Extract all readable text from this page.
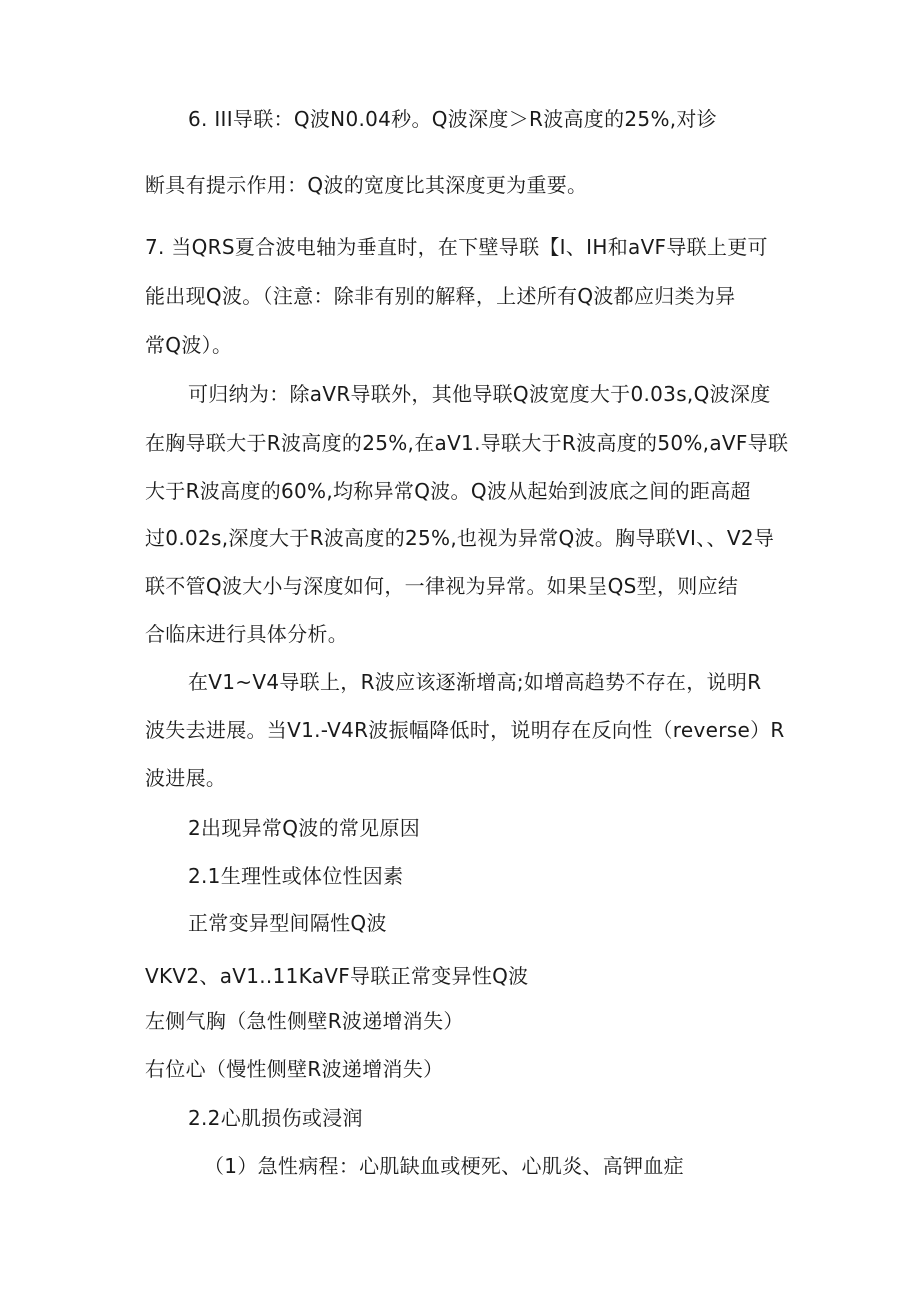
6. III导联：Q波N0.04秒。Q波深度＞R波高度的25%,对诊
断具有提示作用：Q波的宽度比其深度更为重要。
7. 当QRS夏合波电轴为垂直时，在下壁导联【I、IH和aVF导联上更可
能出现Q波。（注意：除非有别的解释，上述所有Q波都应归类为异
常Q波）。
可归纳为：除aVR导联外，其他导联Q波宽度大于0.03s,Q波深度
在胸导联大于R波高度的25%,在aV1.导联大于R波高度的50%,aVF导联
大于R波高度的60%,均称异常Q波。Q波从起始到波底之间的距高超
过0.02s,深度大于R波高度的25%,也视为异常Q波。胸导联VI、、V2导
联不管Q波大小与深度如何，一律视为异常。如果呈QS型，则应结
合临床进行具体分析。
在V1~V4导联上，R波应该逐渐增高;如增高趋势不存在，说明R
波失去进展。当V1.-V4R波振幅降低时，说明存在反向性（reverse）R
波进展。
2出现异常Q波的常见原因
2.1生理性或体位性因素
正常变异型间隔性Q波
VKV2、aV1..11KaVF导联正常变异性Q波
左侧气胸（急性侧壁R波递增消失）
右位心（慢性侧壁R波递增消失）
2.2心肌损伤或浸润
（1）急性病程：心肌缺血或梗死、心肌炎、高钾血症
